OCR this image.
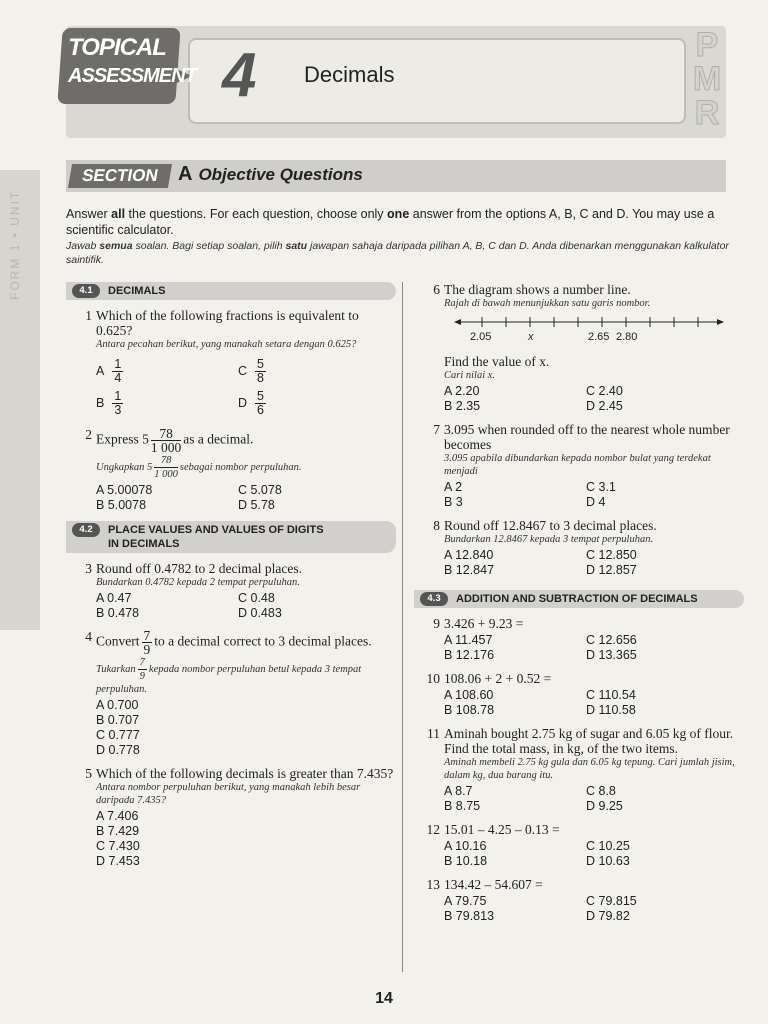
FORM 1 • UNIT
TOPICAL
ASSESSMENT 4 Decimals
P
M
R
SECTION A Objective Questions
Answer all the questions. For each question, choose only one answer from the options A, B, C and D. You may use a scientific calculator.
Jawab semua soalan. Bagi setiap soalan, pilih satu jawapan sahaja daripada pilihan A, B, C dan D. Anda dibenarkan menggunakan kalkulator saintifik.
4.1	DECIMALS
1 Which of the following fractions is equivalent to 0.625?
Antara pecahan berikut, yang manakah setara dengan 0.625?
A $\frac{1}{4}$	C $\frac{5}{8}$
B $\frac{1}{3}$	D $\frac{5}{6}$
2 Express $5 \frac{78}{1 000}$ as a decimal.
Ungkapkan $5 \frac{78}{1 000}$ sebagai nombor perpuluhan.
A 5.00078	C 5.078
B 5.0078	D 5.78
4.2	PLACE VALUES AND VALUES OF DIGITS
IN DECIMALS
3 Round off 0.4782 to 2 decimal places.
Bundarkan 0.4782 kepada 2 tempat perpuluhan.
A 0.47	C 0.48
B 0.478	D 0.483
4 Convert $\frac{7}{9}$ to a decimal correct to 3 decimal places.
Tukarkan $\frac{7}{9}$ kepada nombor perpuluhan betul kepada 3 tempat perpuluhan.
A 0.700
B 0.707
C 0.777
D 0.778
5 Which of the following decimals is greater than 7.435?
Antara nombor perpuluhan berikut, yang manakah lebih besar daripada 7.435?
A 7.406
B 7.429
C 7.430
D 7.453
6 The diagram shows a number line.
Rajah di bawah menunjukkan satu garis nombor.
2.05	x	2.65 2.80
Find the value of x.
Cari nilai x.
A 2.20	C 2.40
B 2.35	D 2.45
7 3.095 when rounded off to the nearest whole number becomes
3.095 apabila dibundarkan kepada nombor bulat yang terdekat menjadi
A 2	C 3.1
B 3	D 4
8 Round off 12.8467 to 3 decimal places.
Bundarkan 12.8467 kepada 3 tempat perpuluhan.
A 12.840	C 12.850
B 12.847	D 12.857
4.3	ADDITION AND SUBTRACTION OF DECIMALS
9 3.426 + 9.23 =
A 11.457	C 12.656
B 12.176	D 13.365
10 108.06 + 2 + 0.52 =
A 108.60	C 110.54
B 108.78	D 110.58
11 Aminah bought 2.75 kg of sugar and 6.05 kg of flour. Find the total mass, in kg, of the two items.
Aminah membeli 2.75 kg gula dan 6.05 kg tepung. Cari jumlah jisim, dalam kg, dua barang itu.
A 8.7	C 8.8
B 8.75	D 9.25
12 15.01 – 4.25 – 0.13 =
A 10.16	C 10.25
B 10.18	D 10.63
13 134.42 – 54.607 =
A 79.75	C 79.815
B 79.813	D 79.82
14
